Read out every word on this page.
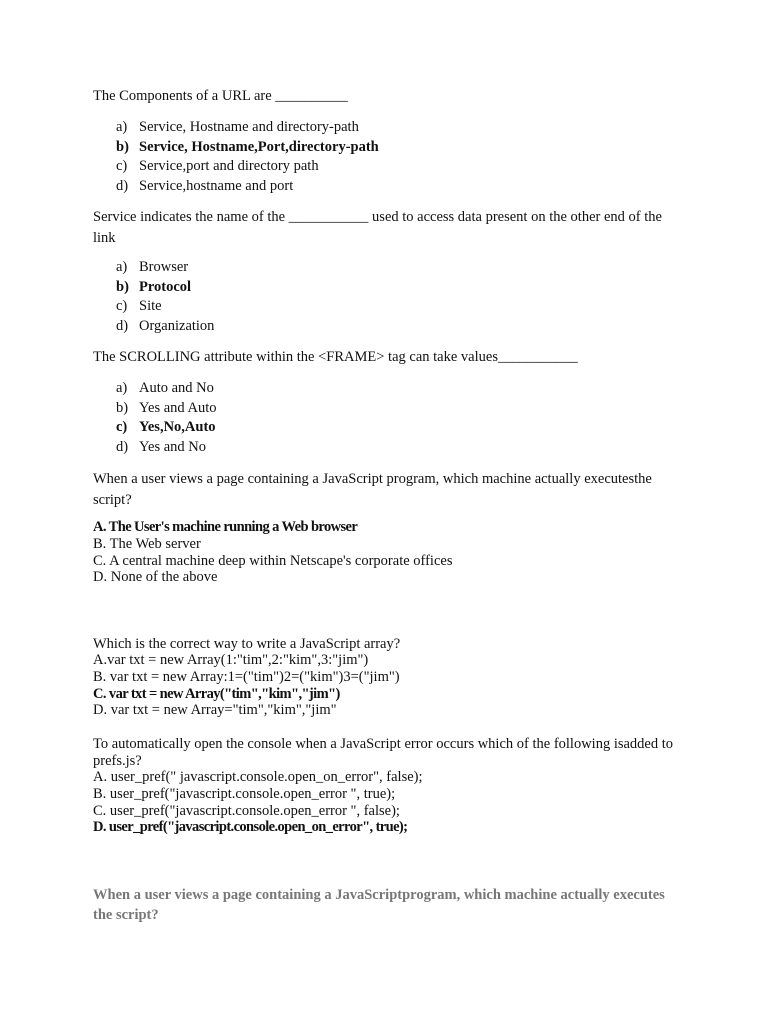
The Components of a URL are __________
a) Service, Hostname and directory-path
b) Service, Hostname,Port,directory-path
c) Service,port and directory path
d) Service,hostname and port
Service indicates the name of the ___________ used to access data present on the other end of the link
a) Browser
b) Protocol
c) Site
d) Organization
The SCROLLING attribute within the <FRAME> tag can take values___________
a) Auto and No
b) Yes and Auto
c) Yes,No,Auto
d) Yes and No
When a user views a page containing a JavaScript program, which machine actually executesthe script?
A. The User's machine running a Web browser
B. The Web server
C. A central machine deep within Netscape's corporate offices
D. None of the above
Which is the correct way to write a JavaScript array?
A.var txt = new Array(1:"tim",2:"kim",3:"jim")
B. var txt = new Array:1=("tim")2=("kim")3=("jim")
C. var txt = new Array("tim","kim","jim")
D. var txt = new Array="tim","kim","jim"
To automatically open the console when a JavaScript error occurs which of the following isadded to prefs.js?
A. user_pref(" javascript.console.open_on_error", false);
B. user_pref("javascript.console.open_error ", true);
C. user_pref("javascript.console.open_error ", false);
D. user_pref("javascript.console.open_on_error", true);
When a user views a page containing a JavaScriptprogram, which machine actually executes the script?
